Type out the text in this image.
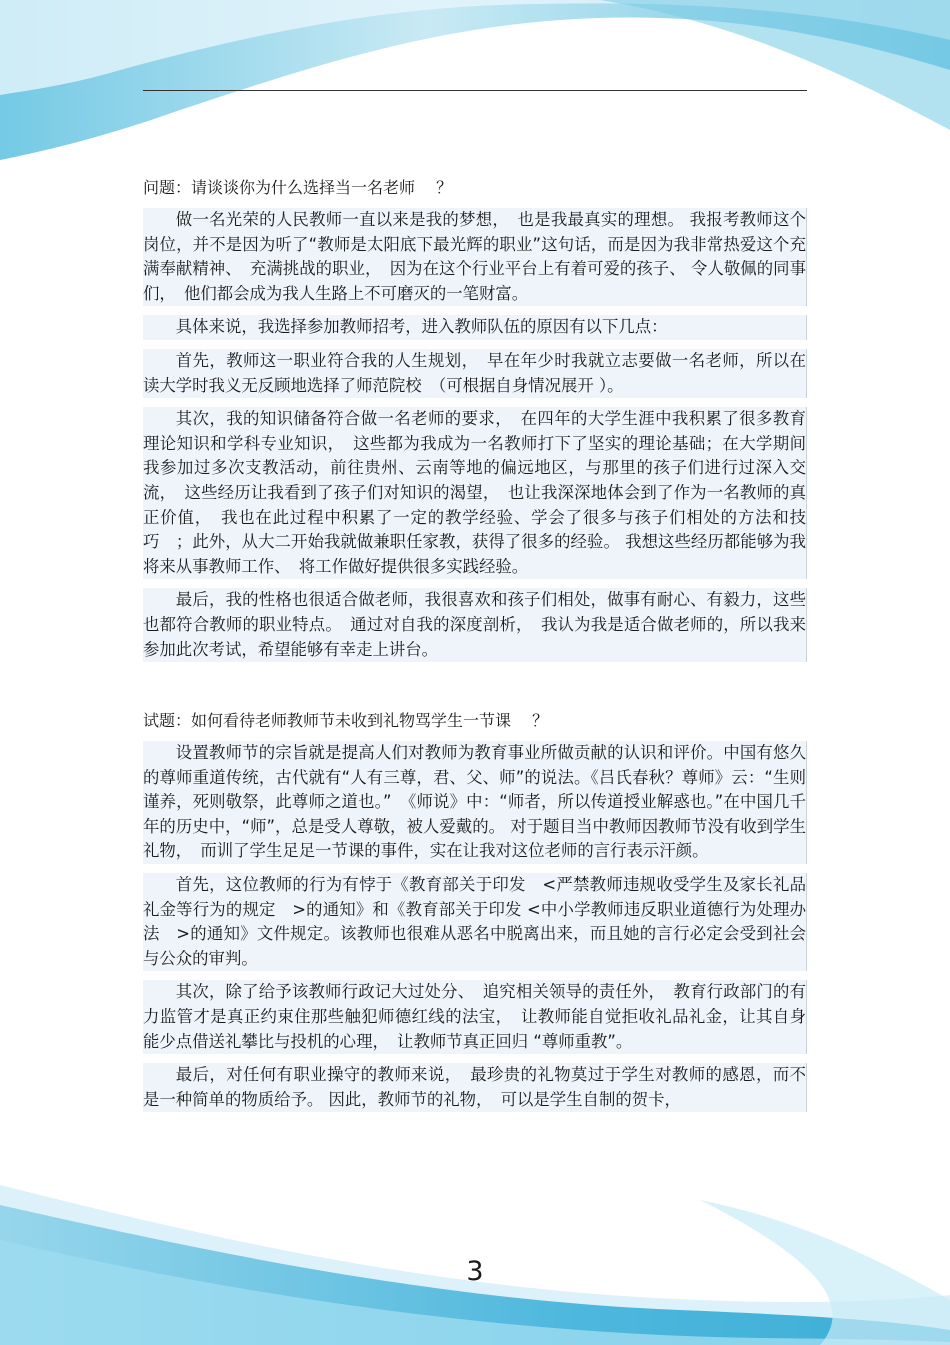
问题：请谈谈你为什么选择当一名老师　 ？

做一名光荣的人民教师一直以来是我的梦想，　也是我最真实的理想。 我报考教师这个岗位，并不是因为听了“教师是太阳底下最光辉的职业”这句话，而是因为我非常热爱这个充满奉献精神、　充满挑战的职业，　因为在这个行业平台上有着可爱的孩子、 令人敬佩的同事们，　他们都会成为我人生路上不可磨灭的一笔财富。

具体来说，我选择参加教师招考，进入教师队伍的原因有以下几点：

首先，教师这一职业符合我的人生规划，　早在年少时我就立志要做一名老师，所以在读大学时我义无反顾地选择了师范院校　（可根据自身情况展开 ）。

其次，我的知识储备符合做一名老师的要求，　在四年的大学生涯中我积累了很多教育理论知识和学科专业知识，　这些都为我成为一名教师打下了坚实的理论基础；在大学期间我参加过多次支教活动，前往贵州、云南等地的偏远地区，与那里的孩子们进行过深入交流，　这些经历让我看到了孩子们对知识的渴望，　也让我深深地体会到了作为一名教师的真正价值，　我也在此过程中积累了一定的教学经验、学会了很多与孩子们相处的方法和技巧　；此外，从大二开始我就做兼职任家教，获得了很多的经验。 我想这些经历都能够为我将来从事教师工作、　将工作做好提供很多实践经验。

最后，我的性格也很适合做老师，我很喜欢和孩子们相处，做事有耐心、有毅力，这些也都符合教师的职业特点。　通过对自我的深度剖析，　我认为我是适合做老师的，所以我来参加此次考试，希望能够有幸走上讲台。

试题：如何看待老师教师节未收到礼物骂学生一节课　 ？

设置教师节的宗旨就是提高人们对教师为教育事业所做贡献的认识和评价。中国有悠久的尊师重道传统，古代就有“人有三尊，君、父、师”的说法。《吕氏春秋？尊师》云：“生则谨养，死则敬祭，此尊师之道也。”　《师说》中：“师者，所以传道授业解惑也。”在中国几千年的历史中，“师”，总是受人尊敬，被人爱戴的。 对于题目当中教师因教师节没有收到学生礼物，　而训了学生足足一节课的事件，实在让我对这位老师的言行表示汗颜。

首先，这位教师的行为有悖于《教育部关于印发　<严禁教师违规收受学生及家长礼品礼金等行为的规定　>的通知》和《教育部关于印发 <中小学教师违反职业道德行为处理办法　>的通知》文件规定。该教师也很难从恶名中脱离出来，而且她的言行必定会受到社会与公众的审判。

其次，除了给予该教师行政记大过处分、　追究相关领导的责任外，　教育行政部门的有力监管才是真正约束住那些触犯师德红线的法宝，　让教师能自觉拒收礼品礼金，让其自身能少点借送礼攀比与投机的心理，　让教师节真正回归 “尊师重教”。

最后，对任何有职业操守的教师来说，　最珍贵的礼物莫过于学生对教师的感恩，而不是一种简单的物质给予。 因此，教师节的礼物，　可以是学生自制的贺卡，

3
